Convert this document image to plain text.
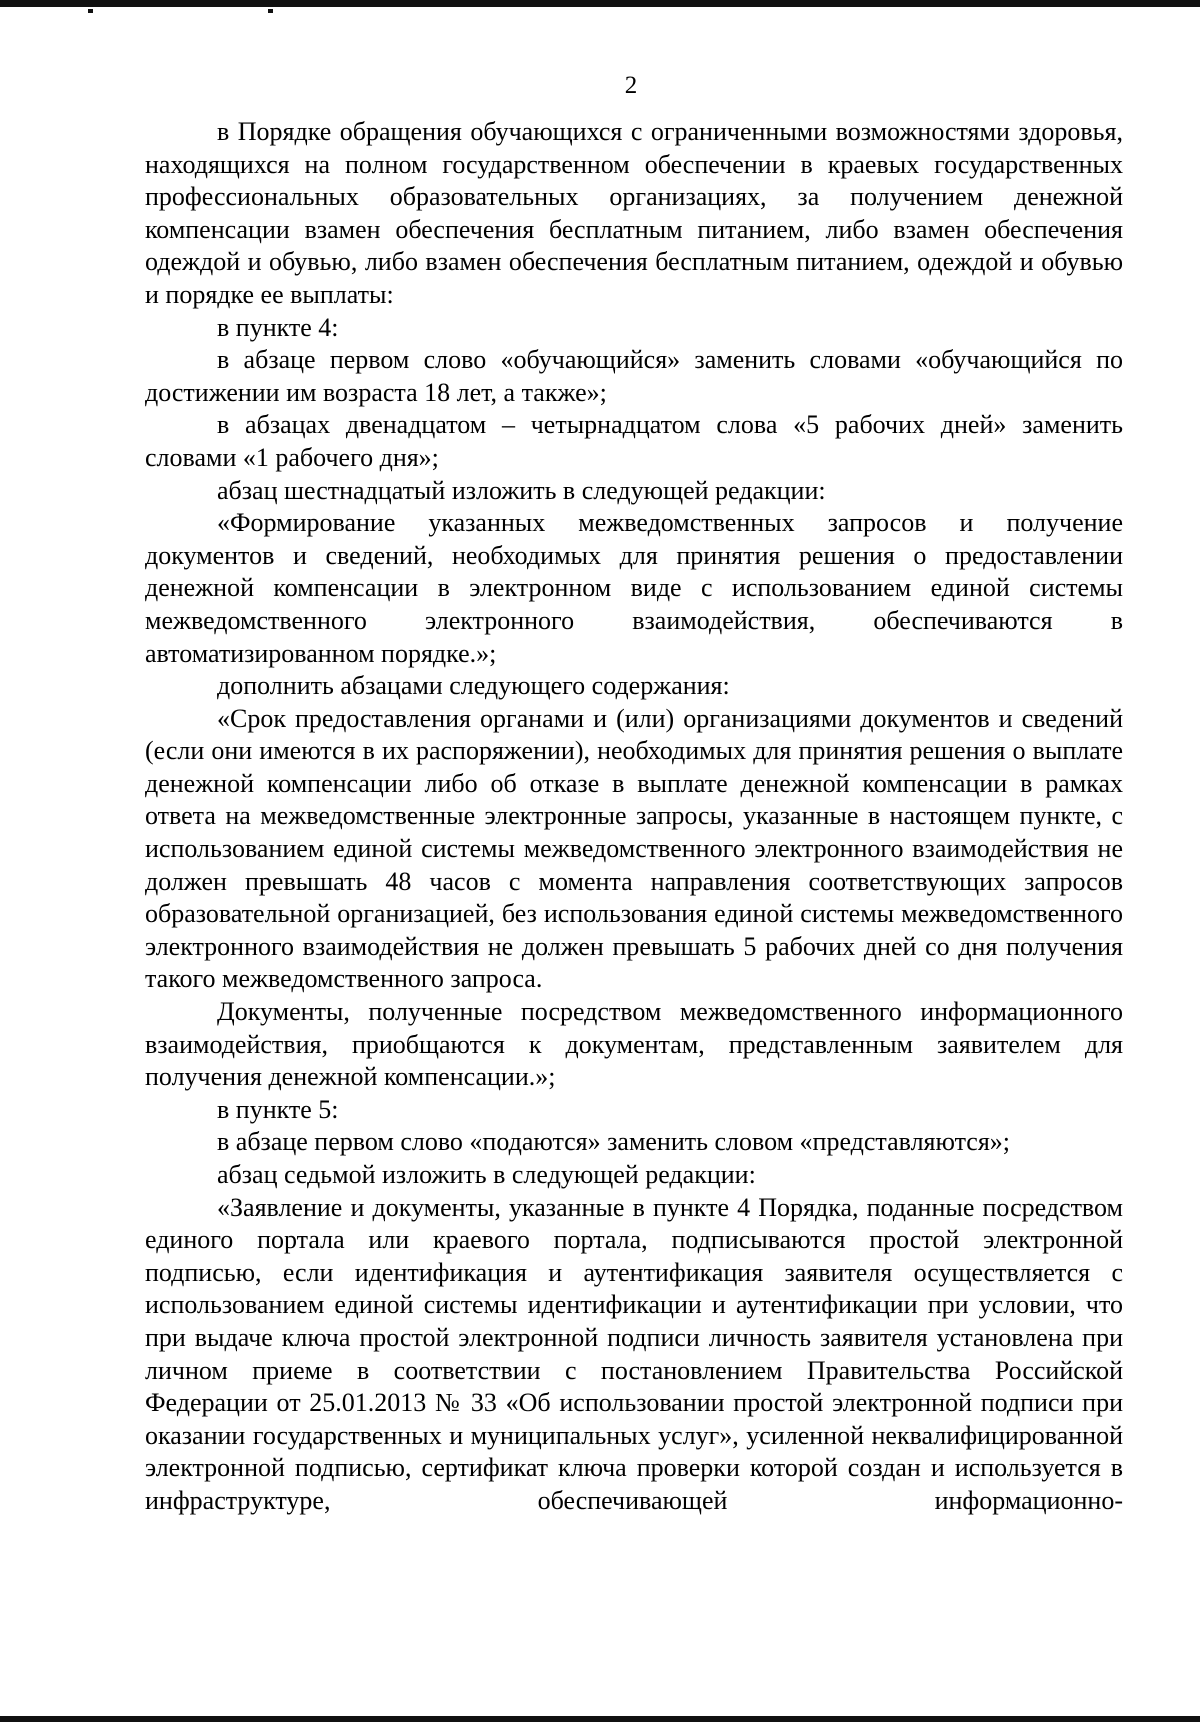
2

в Порядке обращения обучающихся с ограниченными возможностями здоровья, находящихся на полном государственном обеспечении в краевых государственных профессиональных образовательных организациях, за получением денежной компенсации взамен обеспечения бесплатным питанием, либо взамен обеспечения одеждой и обувью, либо взамен обеспечения бесплатным питанием, одеждой и обувью и порядке ее выплаты:

в пункте 4:

в абзаце первом слово «обучающийся» заменить словами «обучающийся по достижении им возраста 18 лет, а также»;

в абзацах двенадцатом – четырнадцатом слова «5 рабочих дней» заменить словами «1 рабочего дня»;

абзац шестнадцатый изложить в следующей редакции:

«Формирование указанных межведомственных запросов и получение документов и сведений, необходимых для принятия решения о предоставлении денежной компенсации в электронном виде с использованием единой системы межведомственного электронного взаимодействия, обеспечиваются в автоматизированном порядке.»;

дополнить абзацами следующего содержания:

«Срок предоставления органами и (или) организациями документов и сведений (если они имеются в их распоряжении), необходимых для принятия решения о выплате денежной компенсации либо об отказе в выплате денежной компенсации в рамках ответа на межведомственные электронные запросы, указанные в настоящем пункте, с использованием единой системы межведомственного электронного взаимодействия не должен превышать 48 часов с момента направления соответствующих запросов образовательной организацией, без использования единой системы межведомственного электронного взаимодействия не должен превышать 5 рабочих дней со дня получения такого межведомственного запроса.

Документы, полученные посредством межведомственного информационного взаимодействия, приобщаются к документам, представленным заявителем для получения денежной компенсации.»;

в пункте 5:

в абзаце первом слово «подаются» заменить словом «представляются»;

абзац седьмой изложить в следующей редакции:

«Заявление и документы, указанные в пункте 4 Порядка, поданные посредством единого портала или краевого портала, подписываются простой электронной подписью, если идентификация и аутентификация заявителя осуществляется с использованием единой системы идентификации и аутентификации при условии, что при выдаче ключа простой электронной подписи личность заявителя установлена при личном приеме в соответствии с постановлением Правительства Российской Федерации от 25.01.2013 № 33 «Об использовании простой электронной подписи при оказании государственных и муниципальных услуг», усиленной неквалифицированной электронной подписью, сертификат ключа проверки которой создан и используется в инфраструктуре, обеспечивающей информационно-
